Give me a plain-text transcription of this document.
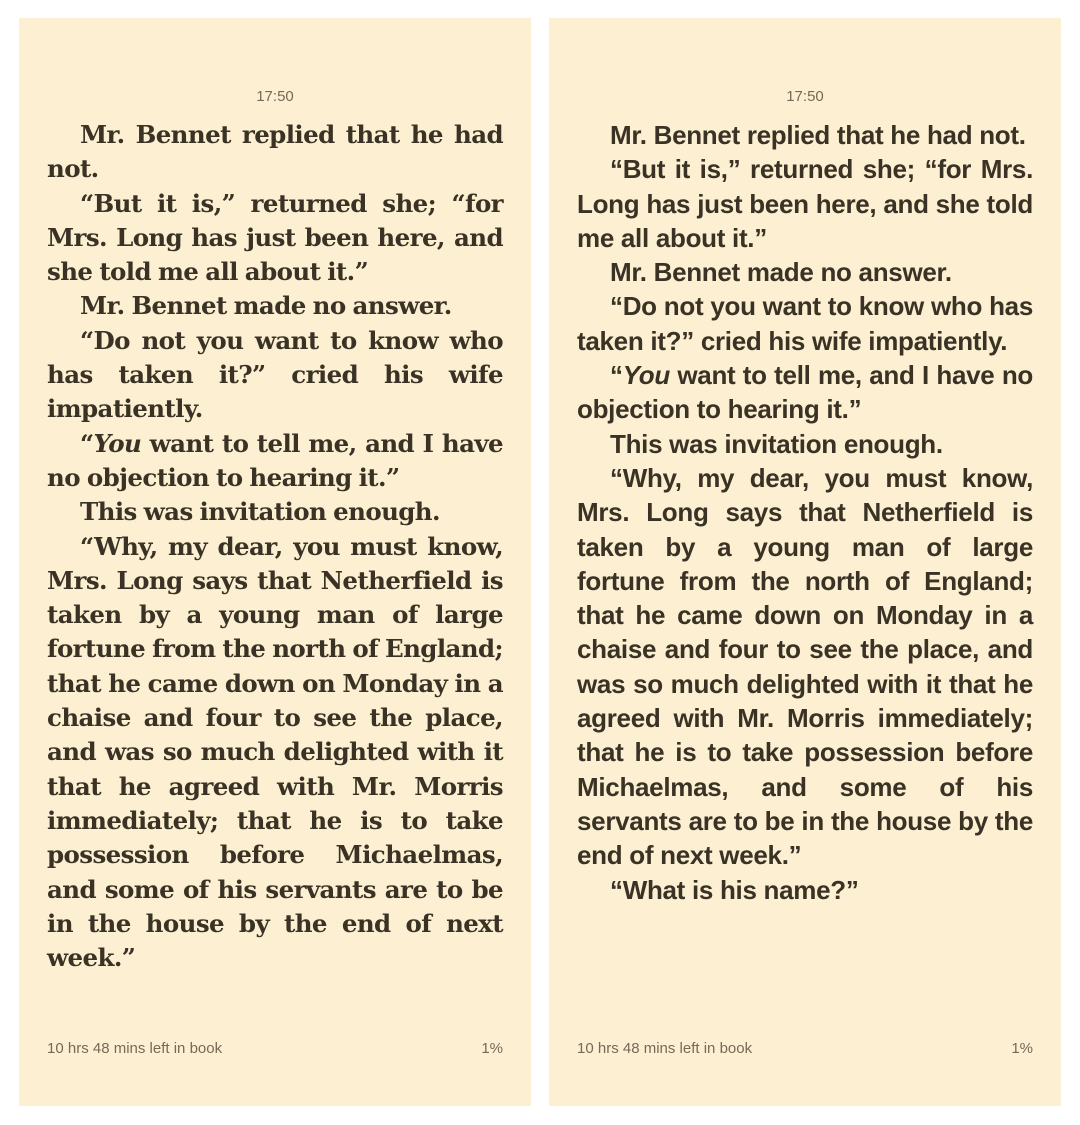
17:50

Mr. Bennet replied that he had not.

“But it is,” returned she; “for Mrs. Long has just been here, and she told me all about it.”

Mr. Bennet made no answer.

“Do not you want to know who has taken it?” cried his wife impatiently.

“You want to tell me, and I have no objection to hearing it.”

This was invitation enough.

“Why, my dear, you must know, Mrs. Long says that Netherfield is taken by a young man of large fortune from the north of England; that he came down on Monday in a chaise and four to see the place, and was so much delighted with it that he agreed with Mr. Morris immediately; that he is to take possession before Michaelmas, and some of his servants are to be in the house by the end of next week.”

10 hrs 48 mins left in book	1%
17:50

Mr. Bennet replied that he had not.

“But it is,” returned she; “for Mrs. Long has just been here, and she told me all about it.”

Mr. Bennet made no answer.

“Do not you want to know who has taken it?” cried his wife impatiently.

“You want to tell me, and I have no objection to hearing it.”

This was invitation enough.

“Why, my dear, you must know, Mrs. Long says that Netherfield is taken by a young man of large fortune from the north of England; that he came down on Monday in a chaise and four to see the place, and was so much delighted with it that he agreed with Mr. Morris immediately; that he is to take possession before Michaelmas, and some of his servants are to be in the house by the end of next week.”

“What is his name?”

10 hrs 48 mins left in book	1%
